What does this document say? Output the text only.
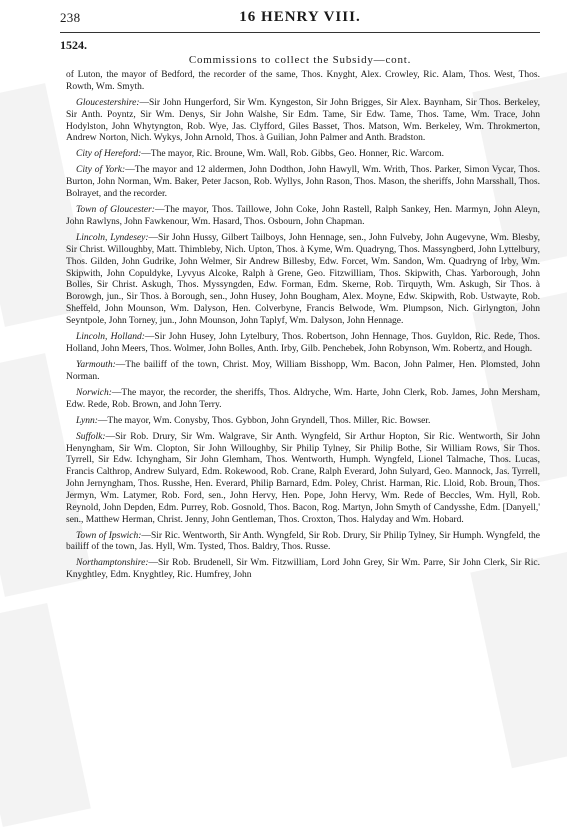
238	16 HENRY VIII.
1524.
Commissions to collect the Subsidy—cont.

of Luton, the mayor of Bedford, the recorder of the same, Thos. Knyght, Alex. Crowley, Ric. Alam, Thos. West, Thos. Rowth, Wm. Smyth.

Gloucestershire:—Sir John Hungerford, Sir Wm. Kyngeston, Sir John Brigges, Sir Alex. Baynham, Sir Thos. Berkeley, Sir Anth. Poyntz, Sir Wm. Denys, Sir John Walshe, Sir Edm. Tame, Sir Edw. Tame, Thos. Tame, Wm. Trace, John Hodylston, John Whytyngton, Rob. Wye, Jas. Clyfford, Giles Basset, Thos. Matson, Wm. Berkeley, Wm. Throkmerton, Andrew Norton, Nich. Wykys, John Arnold, Thos. à Guilian, John Palmer and Anth. Bradston.

City of Hereford:—The mayor, Ric. Broune, Wm. Wall, Rob. Gibbs, Geo. Honner, Ric. Warcom.

City of York:—The mayor and 12 aldermen, John Dodthon, John Hawyll, Wm. Writh, Thos. Parker, Simon Vycar, Thos. Burton, John Norman, Wm. Baker, Peter Jacson, Rob. Wyllys, John Rason, Thos. Mason, the sheriffs, John Marsshall, Thos. Bolrayet, and the recorder.

Town of Gloucester:—The mayor, Thos. Taillowe, John Coke, John Rastell, Ralph Sankey, Hen. Marmyn, John Aleyn, John Rawlyns, John Fawkenour, Wm. Hasard, Thos. Osbourn, John Chapman.

Lincoln, Lyndesey:—Sir John Hussy, Gilbert Tailboys, John Hennage, sen., John Fulveby, John Augevyne, Wm. Blesby, Sir Christ. Willoughby, Matt. Thimbleby, Nich. Upton, Thos. à Kyme, Wm. Quadryng, Thos. Massyngberd, John Lyttelbury, Thos. Gilden, John Gudrike, John Welmer, Sir Andrew Billesby, Edw. Forcet, Wm. Sandon, Wm. Quadryng of Irby, Wm. Skipwith, John Copuldyke, Lyvyus Alcoke, Ralph à Grene, Geo. Fitzwilliam, Thos. Skipwith, Chas. Yarborough, John Bolles, Sir Christ. Askugh, Thos. Myssyngden, Edw. Forman, Edm. Skerne, Rob. Tirquyth, Wm. Askugh, Sir Thos. à Borowgh, jun., Sir Thos. à Borough, sen., John Husey, John Bougham, Alex. Moyne, Edw. Skipwith, Rob. Ustwayte, Rob. Sheffeld, John Mounson, Wm. Dalyson, Hen. Colverbyne, Francis Belwode, Wm. Plumpson, Nich. Girlyngton, John Seyntpole, John Torney, jun., John Mounson, John Taplyf, Wm. Dalyson, John Hennage.

Lincoln, Holland:—Sir John Husey, John Lytelbury, Thos. Robertson, John Hennage, Thos. Guyldon, Ric. Rede, Thos. Holland, John Meers, Thos. Wolmer, John Bolles, Anth. Irby, Gilb. Penchebek, John Robynson, Wm. Robertz, and Hough.

Yarmouth:—The bailiff of the town, Christ. Moy, William Bisshopp, Wm. Bacon, John Palmer, Hen. Plomsted, John Norman.

Norwich:—The mayor, the recorder, the sheriffs, Thos. Aldryche, Wm. Harte, John Clerk, Rob. James, John Mersham, Edw. Rede, Rob. Brown, and John Terry.

Lynn:—The mayor, Wm. Conysby, Thos. Gybbon, John Gryndell, Thos. Miller, Ric. Bowser.

Suffolk:—Sir Rob. Drury, Sir Wm. Walgrave, Sir Anth. Wyngfeld, Sir Arthur Hopton, Sir Ric. Wentworth, Sir John Henyngham, Sir Wm. Clopton, Sir John Willoughby, Sir Philip Tylney, Sir Philip Bothe, Sir William Rows, Sir Thos. Tyrrell, Sir Edw. Ichyngham, Sir John Glemham, Thos. Wentworth, Humph. Wyngfeld, Lionel Talmache, Thos. Lucas, Francis Calthrop, Andrew Sulyard, Edm. Rokewood, Rob. Crane, Ralph Everard, John Sulyard, Geo. Mannock, Jas. Tyrrell, John Jernyngham, Thos. Russhe, Hen. Everard, Philip Barnard, Edm. Poley, Christ. Harman, Ric. Lloid, Rob. Broun, Thos. Jermyn, Wm. Latymer, Rob. Ford, sen., John Hervy, Hen. Pope, John Hervy, Wm. Rede of Beccles, Wm. Hyll, Rob. Reynold, John Depden, Edm. Purrey, Rob. Gosnold, Thos. Bacon, Rog. Martyn, John Smyth of Candysshe, Edm. [Danyell,' sen., Matthew Herman, Christ. Jenny, John Gentleman, Thos. Croxton, Thos. Halyday and Wm. Hobard.

Town of Ipswich:—Sir Ric. Wentworth, Sir Anth. Wyngfeld, Sir Rob. Drury, Sir Philip Tylney, Sir Humph. Wyngfeld, the bailiff of the town, Jas. Hyll, Wm. Tysted, Thos. Baldry, Thos. Russe.

Northamptonshire:—Sir Rob. Brudenell, Sir Wm. Fitzwilliam, Lord John Grey, Sir Wm. Parre, Sir John Clerk, Sir Ric. Knyghtley, Edm. Knyghtley, Ric. Humfrey, John
